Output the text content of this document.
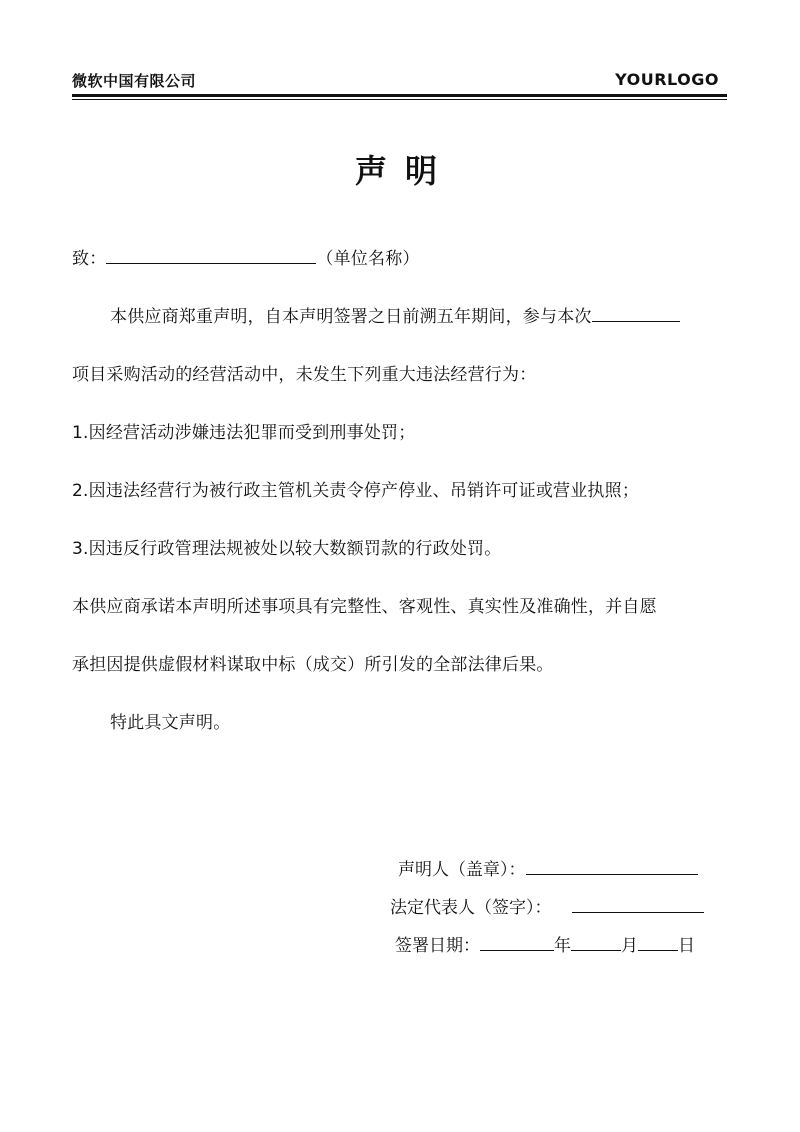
微软中国有限公司	YOURLOGO
声明
致：	（单位名称）
本供应商郑重声明，自本声明签署之日前溯五年期间，参与本次
项目采购活动的经营活动中，未发生下列重大违法经营行为：
1.因经营活动涉嫌违法犯罪而受到刑事处罚；
2.因违法经营行为被行政主管机关责令停产停业、吊销许可证或营业执照；
3.因违反行政管理法规被处以较大数额罚款的行政处罚。
本供应商承诺本声明所述事项具有完整性、客观性、真实性及准确性，并自愿
承担因提供虚假材料谋取中标（成交）所引发的全部法律后果。
特此具文声明。
声明人（盖章）：
法定代表人（签字）：
签署日期：	年	月 日
